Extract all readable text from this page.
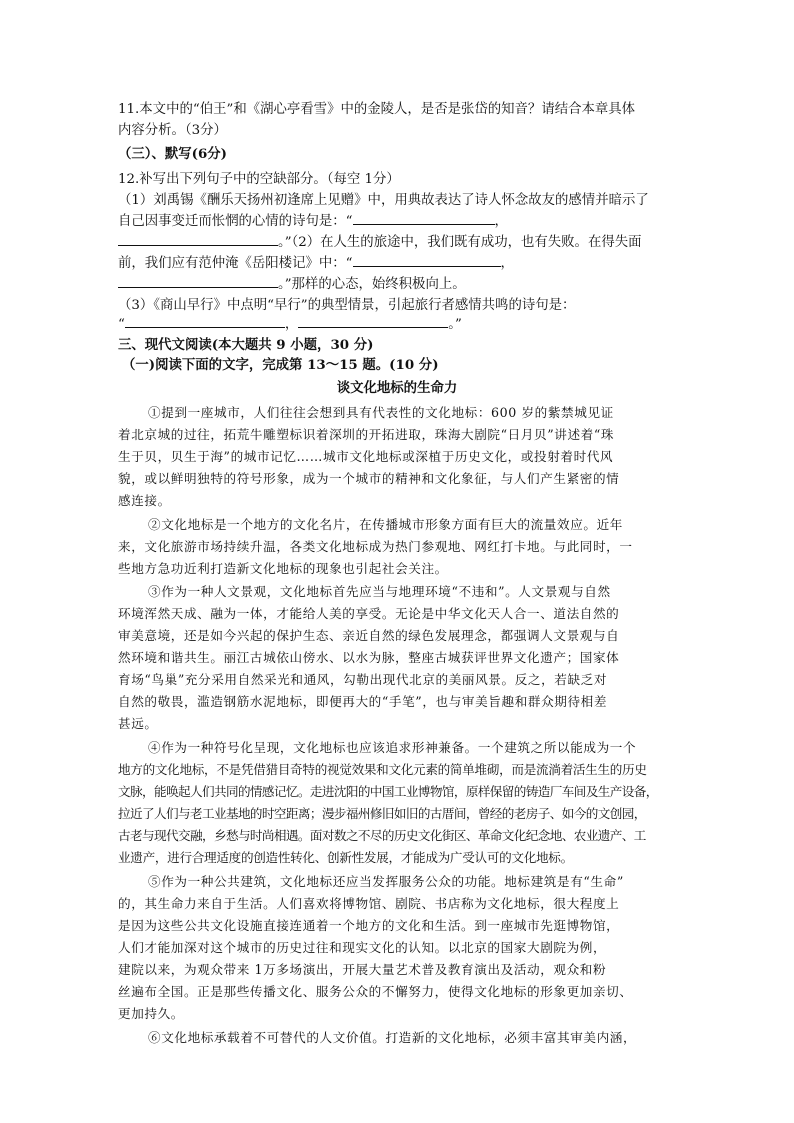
11.本文中的“伯王”和《湖心亭看雪》中的金陵人，是否是张岱的知音？请结合本章具体
内容分析。（3分）
（三）、默写(6分)
12.补写出下列句子中的空缺部分。（每空 1分）
（1）刘禹锡《酬乐天扬州初逢席上见赠》中，用典故表达了诗人怀念故友的感情并暗示了
自己因事变迁而怅惘的心情的诗句是：“	，
。”（2）在人生的旅途中，我们既有成功，也有失败。在得失面
前，我们应有范仲淹《岳阳楼记》中：“	，
。”那样的心态，始终积极向上。
（3）《商山早行》中点明“早行”的典型情景，引起旅行者感情共鸣的诗句是：
“	，	。”
三、现代文阅读(本大题共 9 小题，30 分)
（一)阅读下面的文字，完成第 13～15 题。(10 分)
谈文化地标的生命力
①提到一座城市，人们往往会想到具有代表性的文化地标：600 岁的紫禁城见证
着北京城的过往，拓荒牛雕塑标识着深圳的开拓进取，珠海大剧院“日月贝”讲述着“珠
生于贝，贝生于海”的城市记忆……城市文化地标或深植于历史文化，或投射着时代风
貌，或以鲜明独特的符号形象，成为一个城市的精神和文化象征，与人们产生紧密的情
感连接。
②文化地标是一个地方的文化名片，在传播城市形象方面有巨大的流量效应。近年
来，文化旅游市场持续升温，各类文化地标成为热门参观地、网红打卡地。与此同时，一
些地方急功近利打造新文化地标的现象也引起社会关注。
③作为一种人文景观，文化地标首先应当与地理环境“不违和”。人文景观与自然
环境浑然天成、融为一体，才能给人美的享受。无论是中华文化天人合一、道法自然的
审美意境，还是如今兴起的保护生态、亲近自然的绿色发展理念，都强调人文景观与自
然环境和谐共生。丽江古城依山傍水、以水为脉，整座古城获评世界文化遗产；国家体
育场“鸟巢”充分采用自然采光和通风，勾勒出现代北京的美丽风景。反之，若缺乏对
自然的敬畏，滥造钢筋水泥地标，即便再大的“手笔”，也与审美旨趣和群众期待相差
甚远。
④作为一种符号化呈现，文化地标也应该追求形神兼备。一个建筑之所以能成为一个
地方的文化地标，不是凭借猎目奇特的视觉效果和文化元素的简单堆砌，而是流淌着活生生的历史
文脉，能唤起人们共同的情感记忆。走进沈阳的中国工业博物馆，原样保留的铸造厂车间及生产设备，
拉近了人们与老工业基地的时空距离；漫步福州修旧如旧的古厝间，曾经的老房子、如今的文创园，
古老与现代交融，乡愁与时尚相遇。面对数之不尽的历史文化街区、革命文化纪念地、农业遗产、工
业遗产，进行合理适度的创造性转化、创新性发展，才能成为广受认可的文化地标。
⑤作为一种公共建筑，文化地标还应当发挥服务公众的功能。地标建筑是有“生命”
的，其生命力来自于生活。人们喜欢将博物馆、剧院、书店称为文化地标，很大程度上
是因为这些公共文化设施直接连通着一个地方的文化和生活。到一座城市先逛博物馆，
人们才能加深对这个城市的历史过往和现实文化的认知。以北京的国家大剧院为例，
建院以来，为观众带来 1万多场演出，开展大量艺术普及教育演出及活动，观众和粉
丝遍布全国。正是那些传播文化、服务公众的不懈努力，使得文化地标的形象更加亲切、
更加持久。
⑥文化地标承载着不可替代的人文价值。打造新的文化地标，必须丰富其审美内涵，
